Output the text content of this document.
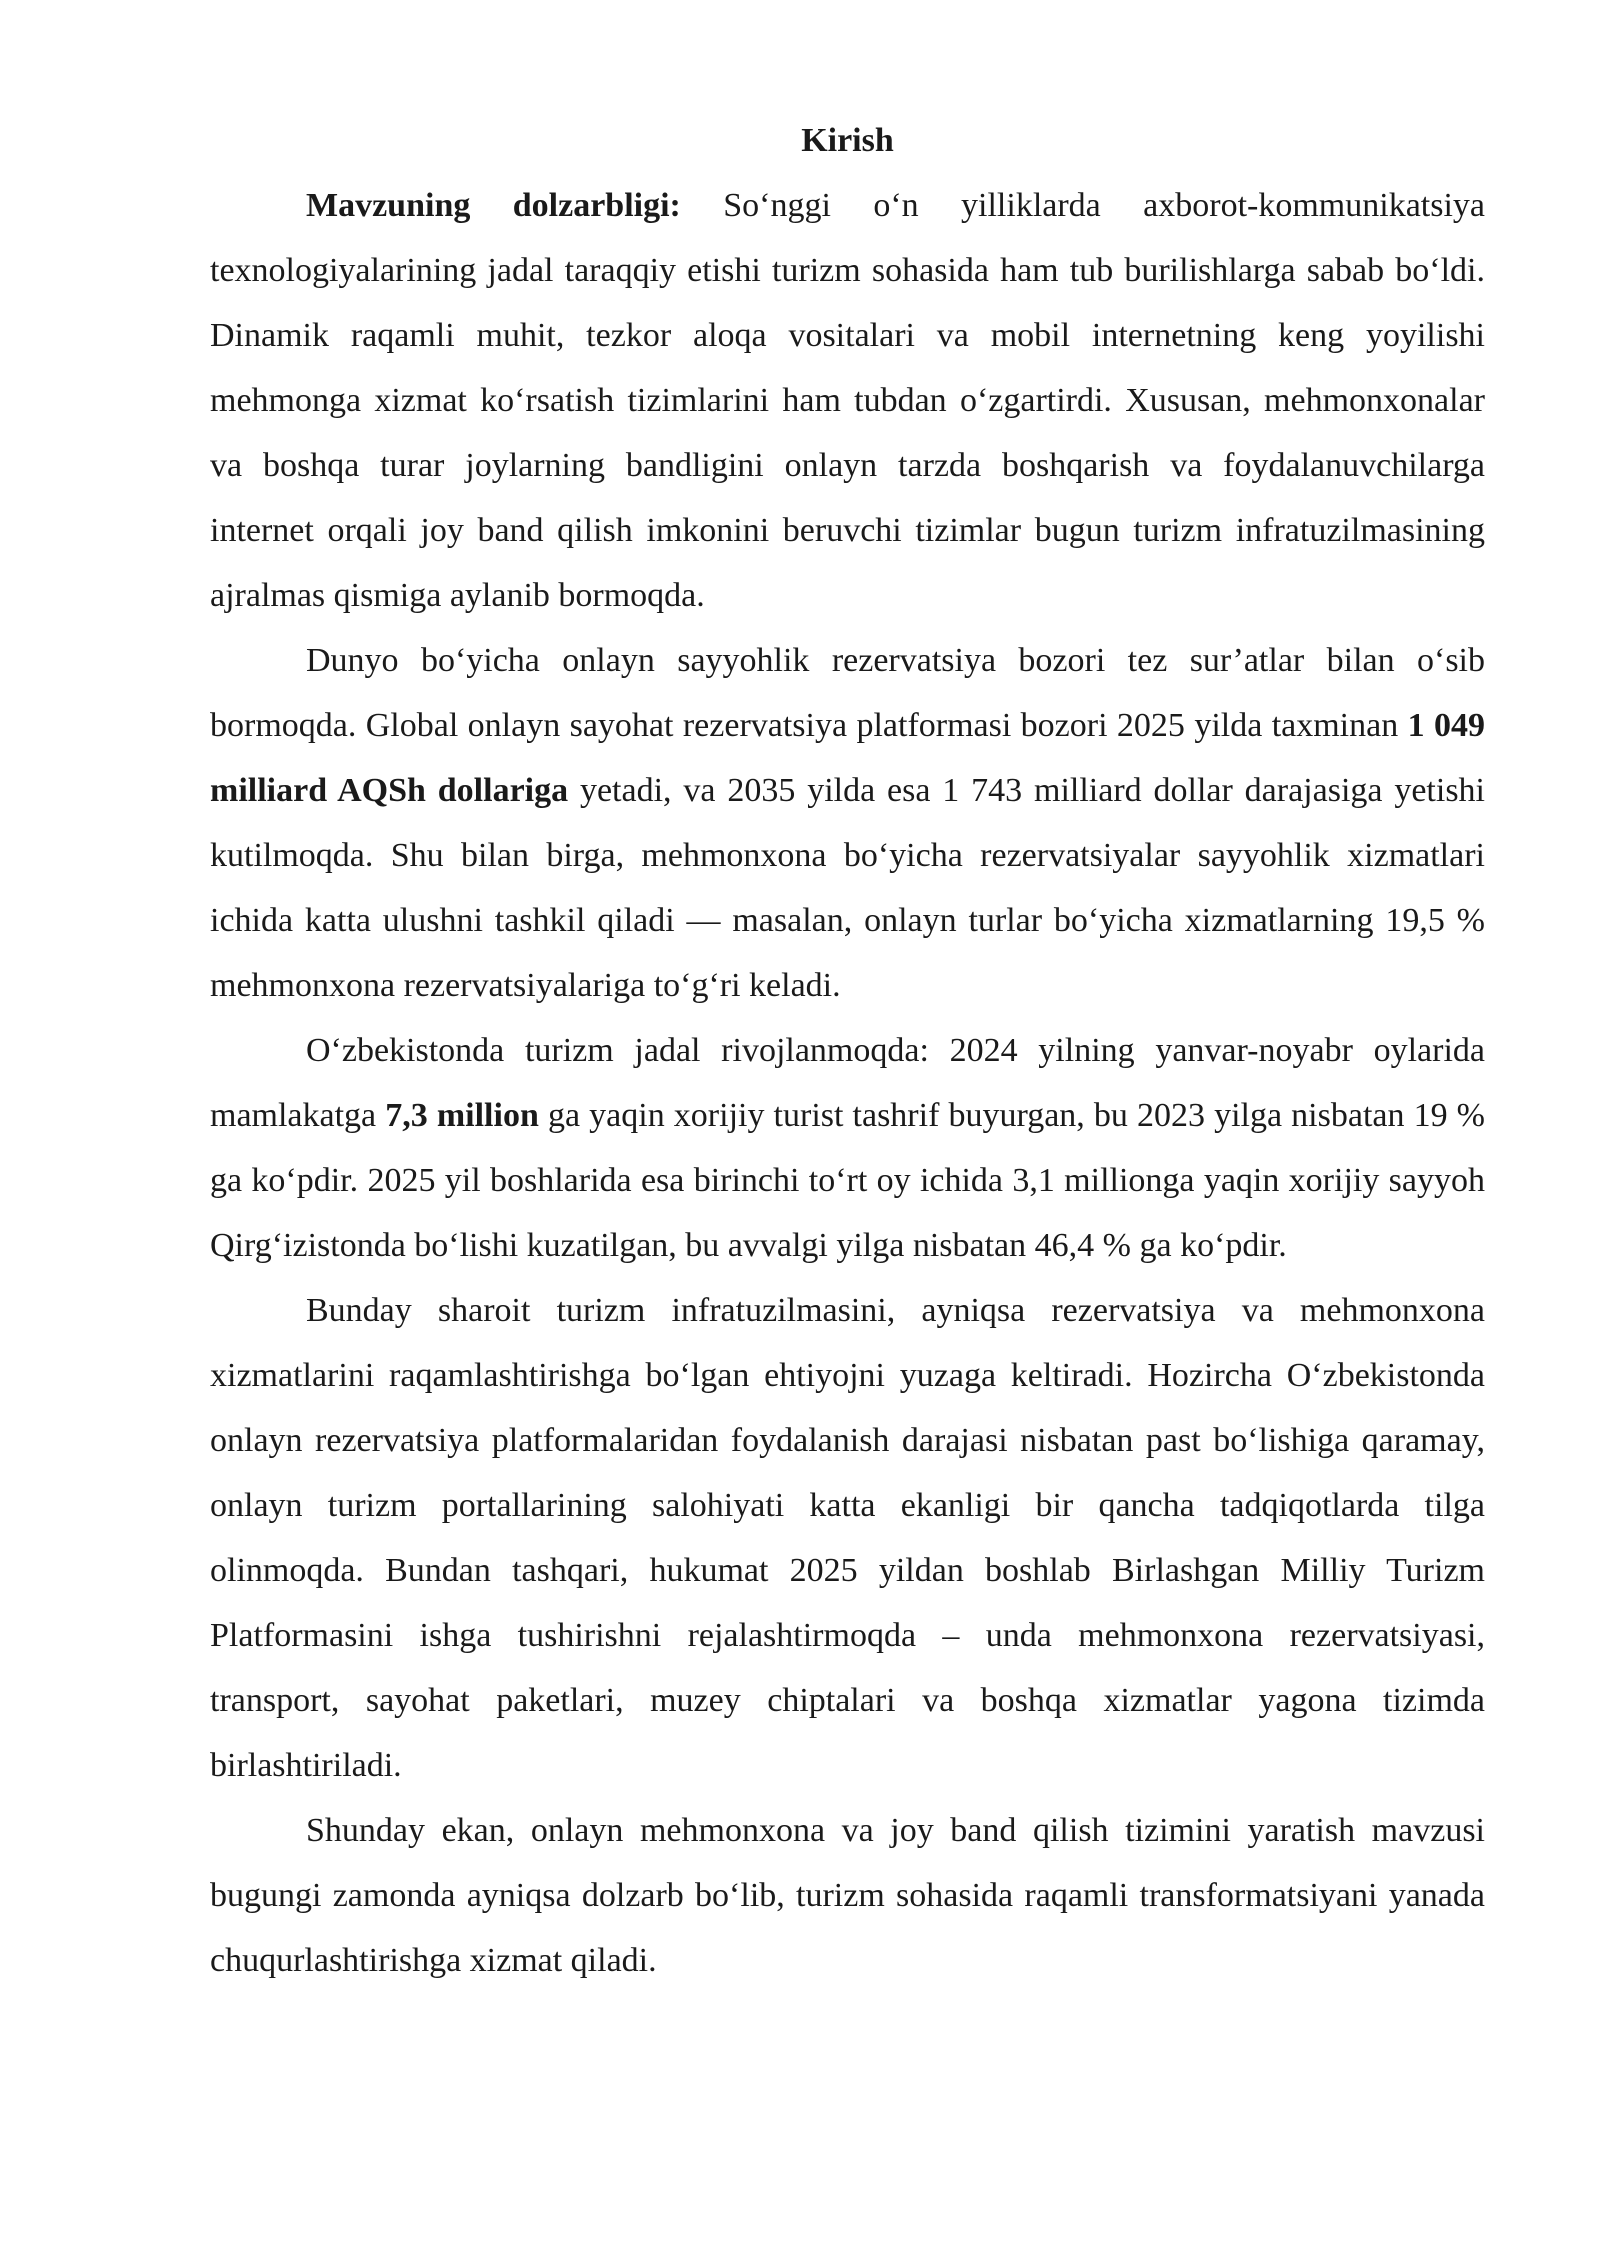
Kirish

Mavzuning dolzarbligi: So‘nggi o‘n yilliklarda axborot-kommunikatsiya texnologiyalarining jadal taraqqiy etishi turizm sohasida ham tub burilishlarga sabab bo‘ldi. Dinamik raqamli muhit, tezkor aloqa vositalari va mobil internetning keng yoyilishi mehmonga xizmat ko‘rsatish tizimlarini ham tubdan o‘zgartirdi. Xususan, mehmonxonalar va boshqa turar joylarning bandligini onlayn tarzda boshqarish va foydalanuvchilarga internet orqali joy band qilish imkonini beruvchi tizimlar bugun turizm infratuzilmasining ajralmas qismiga aylanib bormoqda.

Dunyo bo‘yicha onlayn sayyohlik rezervatsiya bozori tez sur’atlar bilan o‘sib bormoqda. Global onlayn sayohat rezervatsiya platformasi bozori 2025 yilda taxminan 1 049 milliard AQSh dollariga yetadi, va 2035 yilda esa 1 743 milliard dollar darajasiga yetishi kutilmoqda. Shu bilan birga, mehmonxona bo‘yicha rezervatsiyalar sayyohlik xizmatlari ichida katta ulushni tashkil qiladi — masalan, onlayn turlar bo‘yicha xizmatlarning 19,5 % mehmonxona rezervatsiyalariga to‘g‘ri keladi.

O‘zbekistonda turizm jadal rivojlanmoqda: 2024 yilning yanvar-noyabr oylarida mamlakatga 7,3 million ga yaqin xorijiy turist tashrif buyurgan, bu 2023 yilga nisbatan 19 % ga ko‘pdir. 2025 yil boshlarida esa birinchi to‘rt oy ichida 3,1 millionga yaqin xorijiy sayyoh Qirg‘izistonda bo‘lishi kuzatilgan, bu avvalgi yilga nisbatan 46,4 % ga ko‘pdir.

Bunday sharoit turizm infratuzilmasini, ayniqsa rezervatsiya va mehmonxona xizmatlarini raqamlashtirishga bo‘lgan ehtiyojni yuzaga keltiradi. Hozircha O‘zbekistonda onlayn rezervatsiya platformalaridan foydalanish darajasi nisbatan past bo‘lishiga qaramay, onlayn turizm portallarining salohiyati katta ekanligi bir qancha tadqiqotlarda tilga olinmoqda. Bundan tashqari, hukumat 2025 yildan boshlab Birlashgan Milliy Turizm Platformasini ishga tushirishni rejalashtirmoqda – unda mehmonxona rezervatsiyasi, transport, sayohat paketlari, muzey chiptalari va boshqa xizmatlar yagona tizimda birlashtiriladi.

Shunday ekan, onlayn mehmonxona va joy band qilish tizimini yaratish mavzusi bugungi zamonda ayniqsa dolzarb bo‘lib, turizm sohasida raqamli transformatsiyani yanada chuqurlashtirishga xizmat qiladi.
